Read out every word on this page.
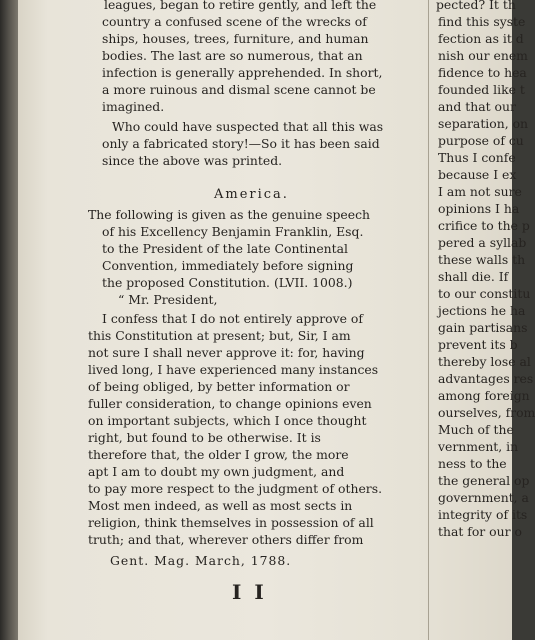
leagues, began to retire gently, and left the
country a confused scene of the wrecks of
ships, houses, trees, furniture, and human
bodies. The last are so numerous, that an
infection is generally apprehended. In short,
a more ruinous and dismal scene cannot be
imagined.
Who could have suspected that all this was
only a fabricated story!—So it has been said
since the above was printed.
America.
The following is given as the genuine speech
of his Excellency Benjamin Franklin, Esq.
to the President of the late Continental
Convention, immediately before signing
the proposed Constitution. (LVII. 1008.)
“ Mr. President,
I confess that I do not entirely approve of
this Constitution at present; but, Sir, I am
not sure I shall never approve it: for, having
lived long, I have experienced many instances
of being obliged, by better information or
fuller consideration, to change opinions even
on important subjects, which I once thought
right, but found to be otherwise. It is
therefore that, the older I grow, the more
apt I am to doubt my own judgment, and
to pay more respect to the judgment of others.
Most men indeed, as well as most sects in
religion, think themselves in possession of all
truth; and that, wherever others differ from
Gent. Mag. March, 1788.
I I
pected? It th
find this syste
fection as it d
nish our enem
fidence to hea
founded like t
and that our
separation, on
purpose of cu
Thus I confe
because I ex
I am not sure
opinions I ha
crifice to the p
pered a syllab
these walls th
shall die. If
to our constitu
jections he ha
gain partisans
prevent its b
thereby lose al
advantages res
among foreign
ourselves, from
Much of the
vernment, in
ness to the
the general op
government, a
integrity of its
that for our o
